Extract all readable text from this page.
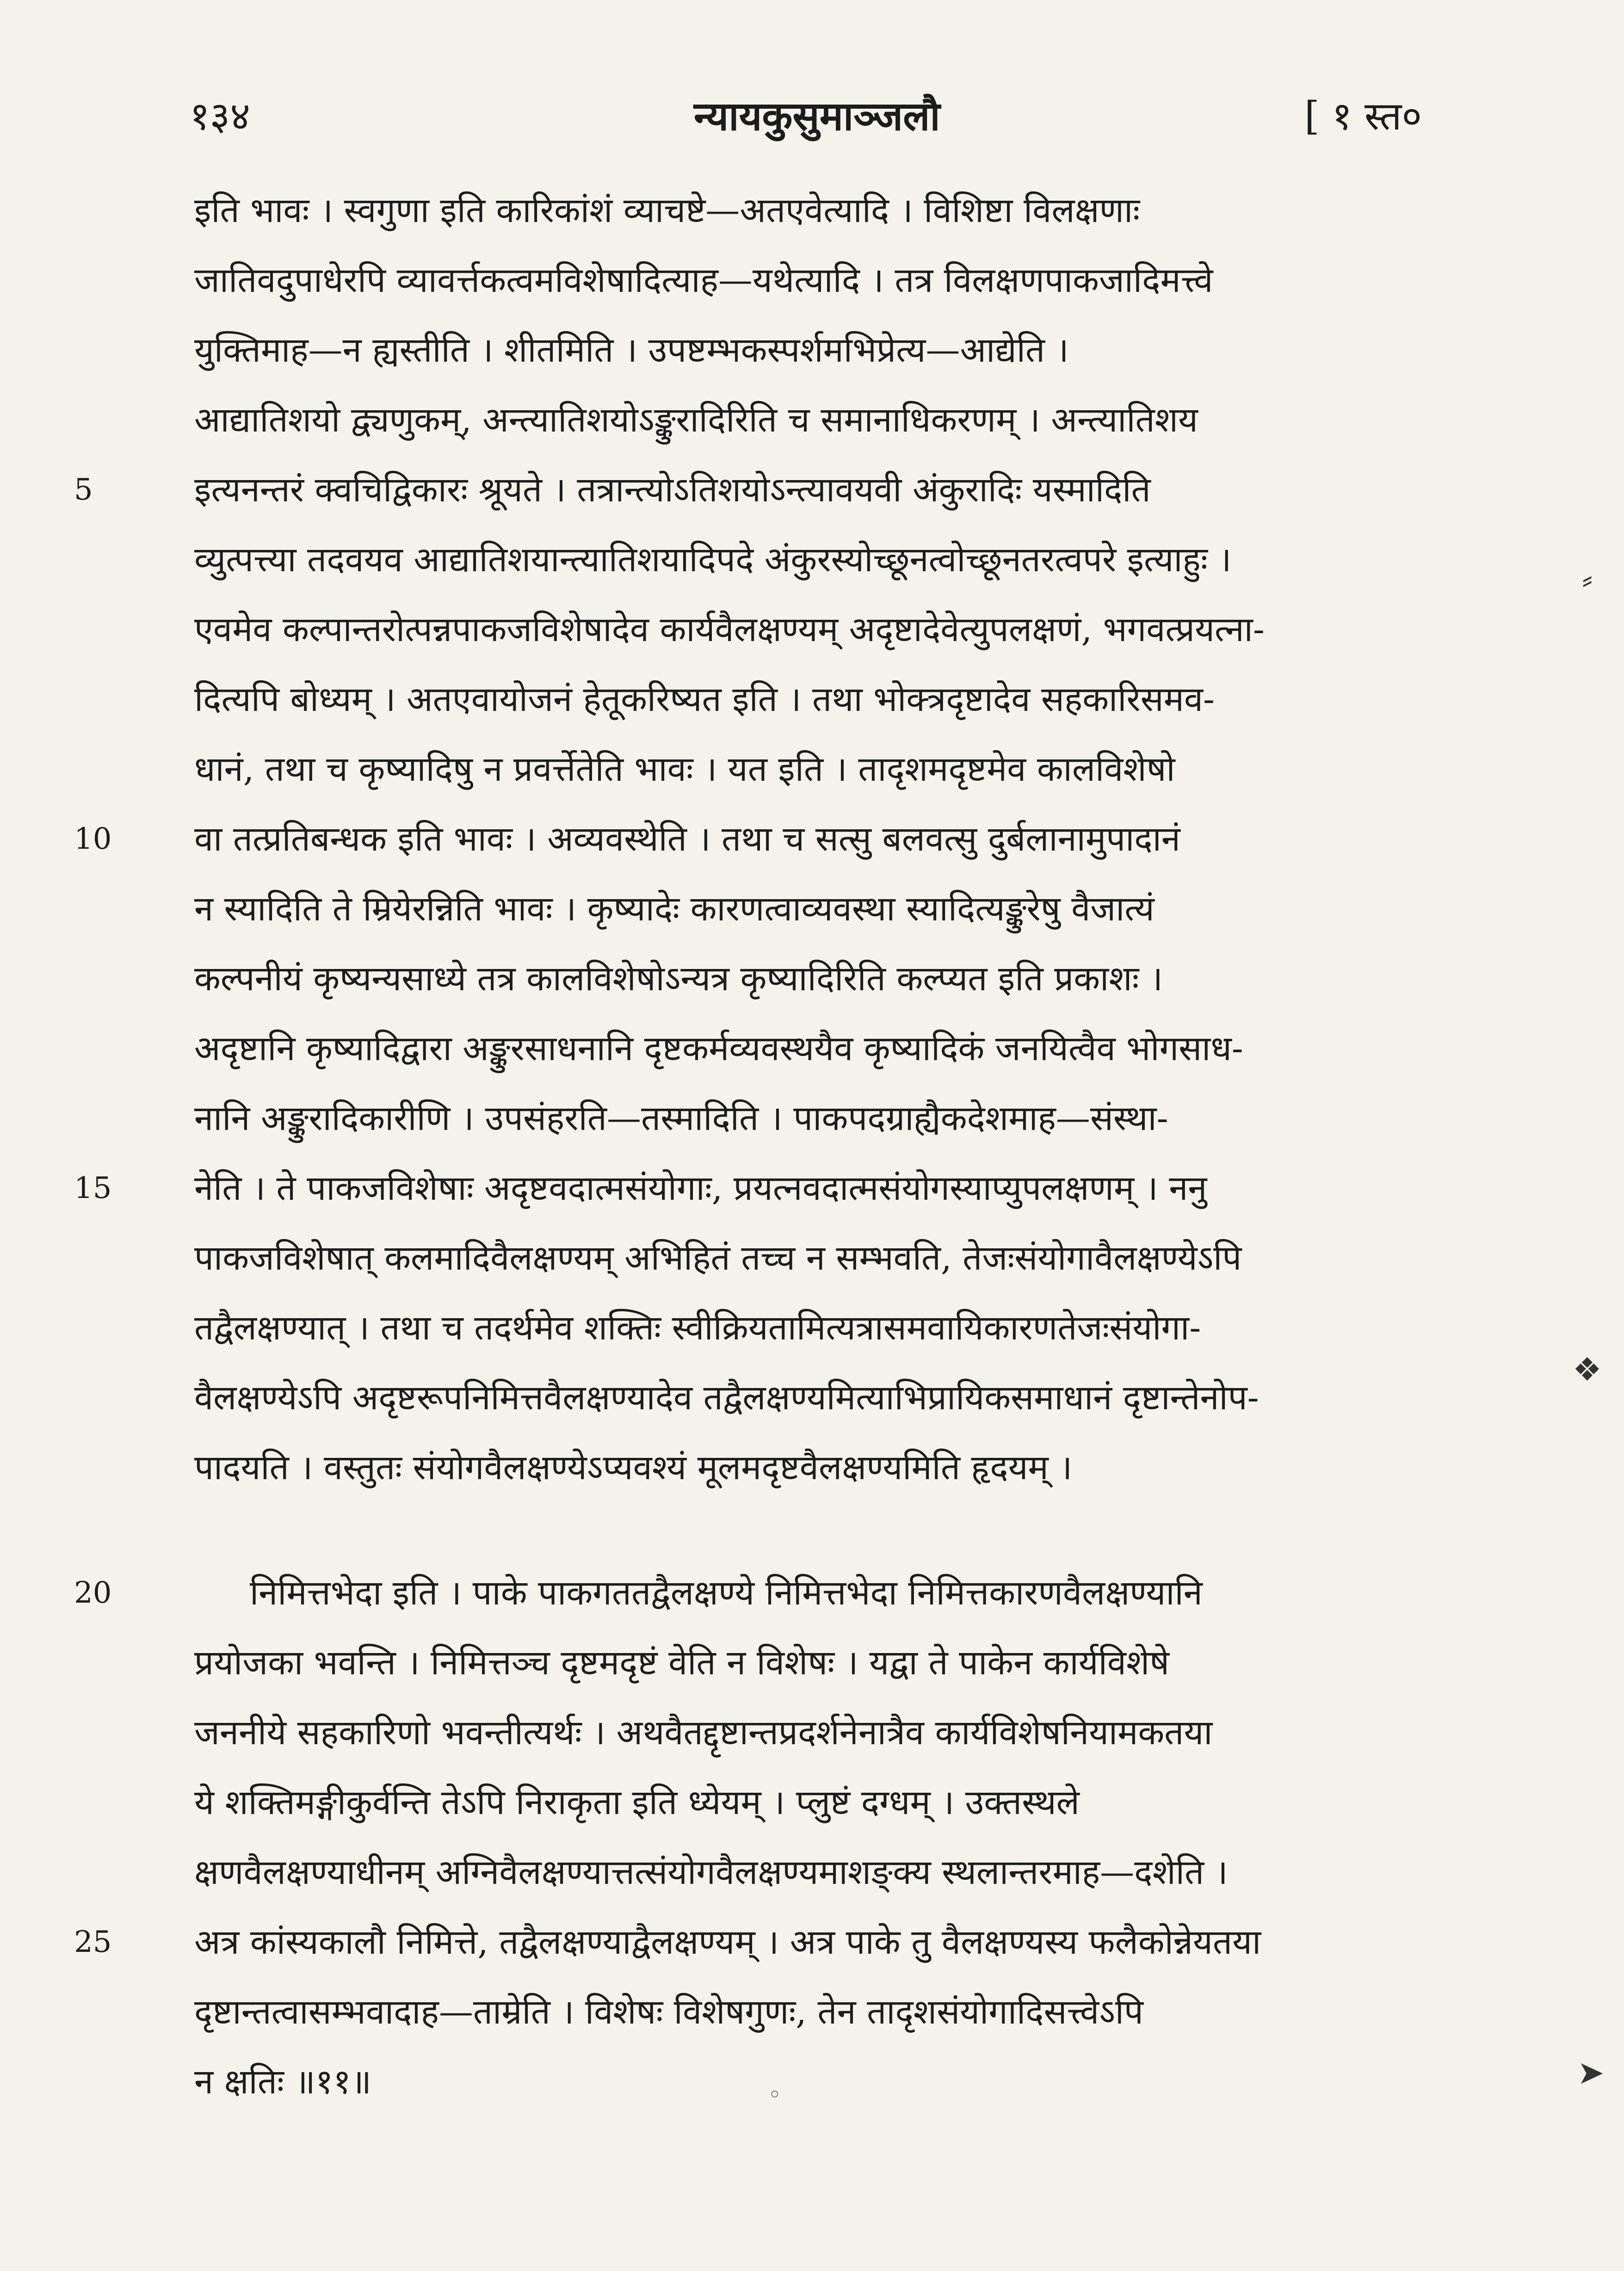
१३४	न्यायकुसुमाञ्जलौ	[ १ स्त०
इति भावः । स्वगुणा इति कारिकांशं व्याचष्टे—अतएवेत्यादि । विशिष्टा विलक्षणाः
जातिवदुपाधेरपि व्यावर्त्तकत्वमविशेषादित्याह—यथेत्यादि । तत्र विलक्षणपाकजादिमत्त्वे
युक्तिमाह—न ह्यस्तीति । शीतमिति । उपष्टम्भकस्पर्शमभिप्रेत्य—आद्येति ।
आद्यातिशयो द्व्यणुकम्, अन्त्यातिशयोऽङ्कुरादिरिति च समानाधिकरणम् । अन्त्यातिशय
इत्यनन्तरं क्वचिद्विकारः श्रूयते । तत्रान्त्योऽतिशयोऽन्त्यावयवी अंकुरादिः यस्मादिति
5
व्युत्पत्त्या तदवयव आद्यातिशयान्त्यातिशयादिपदे अंकुरस्योच्छूनत्वोच्छूनतरत्वपरे इत्याहुः ।
एवमेव कल्पान्तरोत्पन्नपाकजविशेषादेव कार्यवैलक्षण्यम् अदृष्टादेवेत्युपलक्षणं, भगवत्प्रयत्ना-
दित्यपि बोध्यम् । अतएवायोजनं हेतूकरिष्यत इति । तथा भोक्त्रदृष्टादेव सहकारिसमव-
धानं, तथा च कृष्यादिषु न प्रवर्त्तेतेति भावः । यत इति । तादृशमदृष्टमेव कालविशेषो
वा तत्प्रतिबन्धक इति भावः । अव्यवस्थेति । तथा च सत्सु बलवत्सु दुर्बलानामुपादानं
10
न स्यादिति ते म्रियेरन्निति भावः । कृष्यादेः कारणत्वाव्यवस्था स्यादित्यङ्कुरेषु वैजात्यं
कल्पनीयं कृष्यन्यसाध्ये तत्र कालविशेषोऽन्यत्र कृष्यादिरिति कल्प्यत इति प्रकाशः ।
अदृष्टानि कृष्यादिद्वारा अङ्कुरसाधनानि दृष्टकर्मव्यवस्थयैव कृष्यादिकं जनयित्वैव भोगसाध-
नानि अङ्कुरादिकारीणि । उपसंहरति—तस्मादिति । पाकपदग्राह्यैकदेशमाह—संस्था-
नेति । ते पाकजविशेषाः अदृष्टवदात्मसंयोगाः, प्रयत्नवदात्मसंयोगस्याप्युपलक्षणम् । ननु
15
पाकजविशेषात् कलमादिवैलक्षण्यम् अभिहितं तच्च न सम्भवति, तेजःसंयोगावैलक्षण्येऽपि
तद्वैलक्षण्यात् । तथा च तदर्थमेव शक्तिः स्वीक्रियतामित्यत्रासमवायिकारणतेजःसंयोगा-
वैलक्षण्येऽपि अदृष्टरूपनिमित्तवैलक्षण्यादेव तद्वैलक्षण्यमित्याभिप्रायिकसमाधानं दृष्टान्तेनोप-
पादयति । वस्तुतः संयोगवैलक्षण्येऽप्यवश्यं मूलमदृष्टवैलक्षण्यमिति हृदयम् ।
निमित्तभेदा इति । पाके पाकगततद्वैलक्षण्ये निमित्तभेदा निमित्तकारणवैलक्षण्यानि
20
प्रयोजका भवन्ति । निमित्तञ्च दृष्टमदृष्टं वेति न विशेषः । यद्वा ते पाकेन कार्यविशेषे
जननीये सहकारिणो भवन्तीत्यर्थः । अथवैतद्दृष्टान्तप्रदर्शनेनात्रैव कार्यविशेषनियामकतया
ये शक्तिमङ्गीकुर्वन्ति तेऽपि निराकृता इति ध्येयम् । प्लुष्टं दग्धम् । उक्तस्थले
क्षणवैलक्षण्याधीनम् अग्निवैलक्षण्यात्तत्संयोगवैलक्षण्यमाशङ्क्य स्थलान्तरमाह—दशेति ।
अत्र कांस्यकालौ निमित्ते, तद्वैलक्षण्याद्वैलक्षण्यम् । अत्र पाके तु वैलक्षण्यस्य फलैकोन्नेयतया
25
दृष्टान्तत्वासम्भवादाह—ताम्रेति । विशेषः विशेषगुणः, तेन तादृशसंयोगादिसत्त्वेऽपि
न क्षतिः ॥११॥
⸗
❖
➤
◦
